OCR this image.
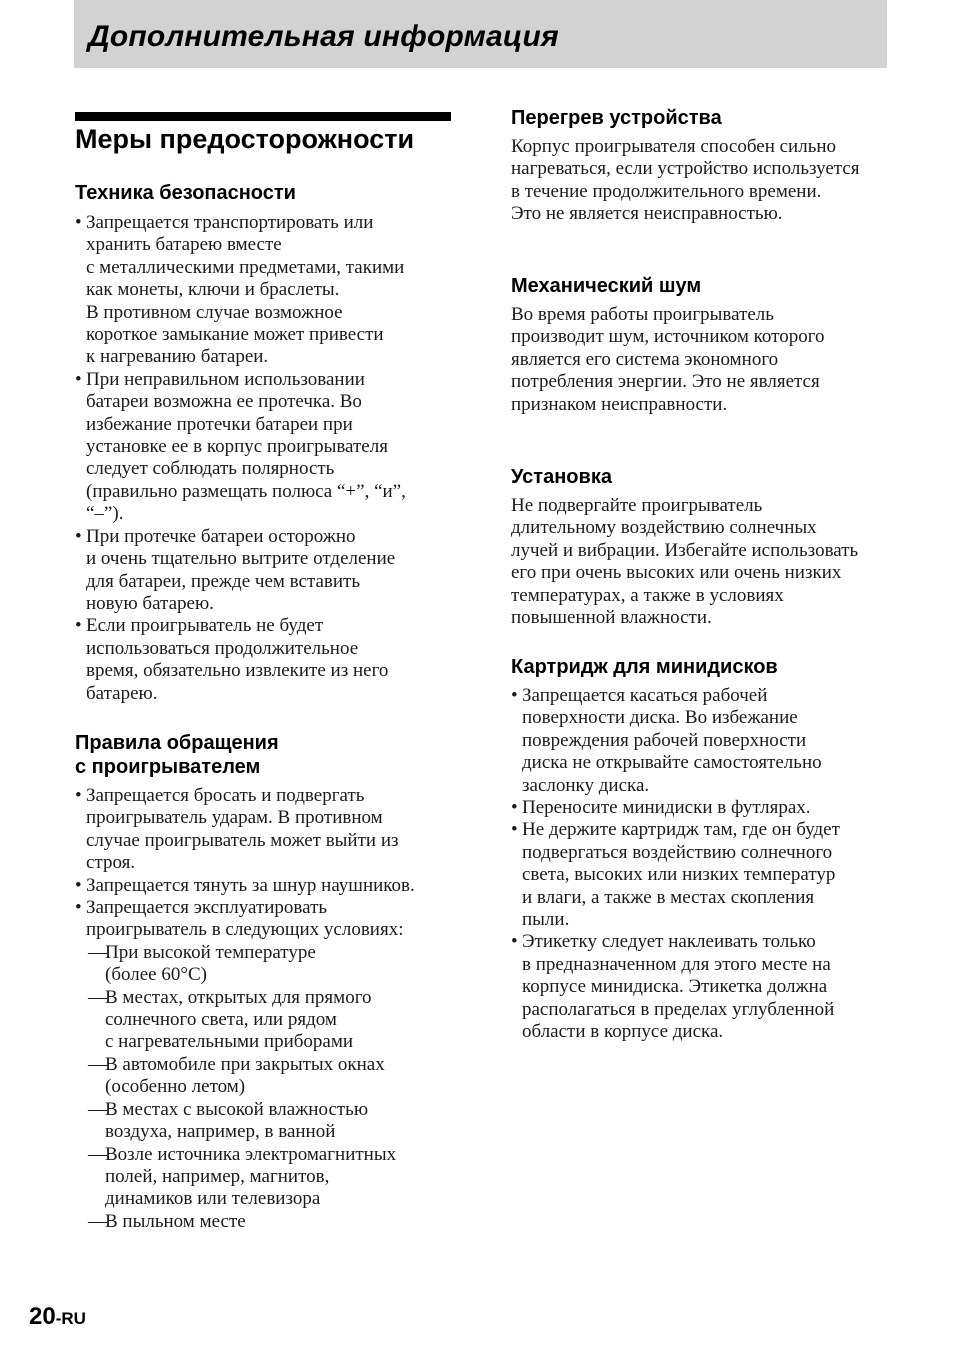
Дополнительная информация
Меры предосторожности
Техника безопасности
• Запрещается транспортировать или
хранить батарею вместе
с металлическими предметами, такими
как монеты, ключи и браслеты.
В противном случае возможное
короткое замыкание может привести
к нагреванию батареи.
• При неправильном использовании
батареи возможна ее протечка. Во
избежание протечки батареи при
установке ее в корпус проигрывателя
следует соблюдать полярность
(правильно размещать полюса “+”, “и”,
“–”).
• При протечке батареи осторожно
и очень тщательно вытрите отделение
для батареи, прежде чем вставить
новую батарею.
• Если проигрыватель не будет
использоваться продолжительное
время, обязательно извлеките из него
батарею.
Правила обращения
с проигрывателем
• Запрещается бросать и подвергать
проигрыватель ударам. В противном
случае проигрыватель может выйти из
строя.
• Запрещается тянуть за шнур наушников.
• Запрещается эксплуатировать
проигрыватель в следующих условиях:
— При высокой температуре
(более 60°C)
— В местах, открытых для прямого
солнечного света, или рядом
с нагревательными приборами
— В автомобиле при закрытых окнах
(особенно летом)
— В местах с высокой влажностью
воздуха, например, в ванной
— Возле источника электромагнитных
полей, например, магнитов,
динамиков или телевизора
— В пыльном месте
Перегрев устройства
Корпус проигрывателя способен сильно
нагреваться, если устройство используется
в течение продолжительного времени.
Это не является неисправностью.
Механический шум
Во время работы проигрыватель
производит шум, источником которого
является его система экономного
потребления энергии. Это не является
признаком неисправности.
Установка
Не подвергайте проигрыватель
длительному воздействию солнечных
лучей и вибрации. Избегайте использовать
его при очень высоких или очень низких
температурах, а также в условиях
повышенной влажности.
Картридж для минидисков
• Запрещается касаться рабочей
поверхности диска. Во избежание
повреждения рабочей поверхности
диска не открывайте самостоятельно
заслонку диска.
• Переносите минидиски в футлярах.
• Не держите картридж там, где он будет
подвергаться воздействию солнечного
света, высоких или низких температур
и влаги, а также в местах скопления
пыли.
• Этикетку следует наклеивать только
в предназначенном для этого месте на
корпусе минидиска. Этикетка должна
располагаться в пределах углубленной
области в корпусе диска.
20-RU
